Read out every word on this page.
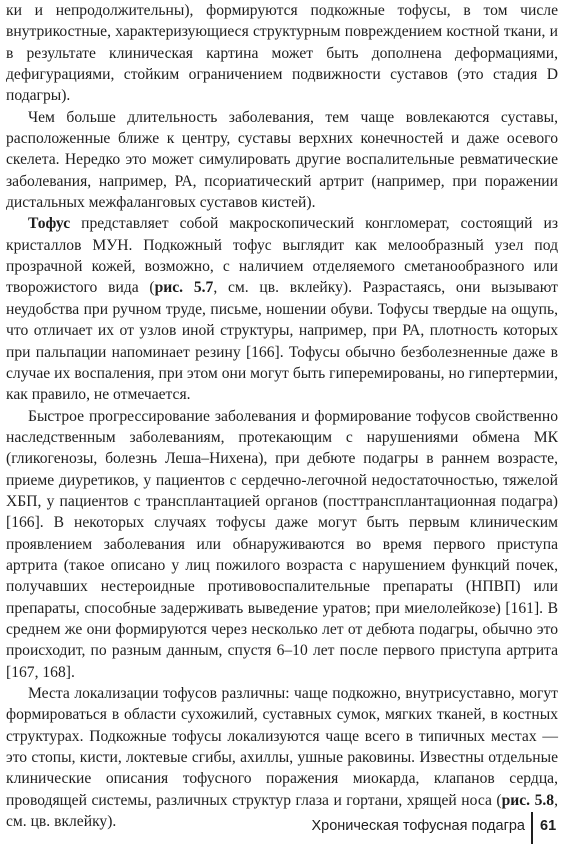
ки и непродолжительны), формируются подкожные тофусы, в том числе внутрикостные, характеризующиеся структурным повреждением костной ткани, и в результате клиническая картина может быть дополнена деформациями, дефигурациями, стойким ограничением подвижности суставов (это стадия D подагры).

Чем больше длительность заболевания, тем чаще вовлекаются суставы, расположенные ближе к центру, суставы верхних конечностей и даже осевого скелета. Нередко это может симулировать другие воспалительные ревматические заболевания, например, РА, псориатический артрит (например, при поражении дистальных межфаланговых суставов кистей).

Тофус представляет собой макроскопический конгломерат, состоящий из кристаллов МУН. Подкожный тофус выглядит как мелообразный узел под прозрачной кожей, возможно, с наличием отделяемого сметанообразного или творожистого вида (рис. 5.7, см. цв. вклейку). Разрастаясь, они вызывают неудобства при ручном труде, письме, ношении обуви. Тофусы твердые на ощупь, что отличает их от узлов иной структуры, например, при РА, плотность которых при пальпации напоминает резину [166]. Тофусы обычно безболезненные даже в случае их воспаления, при этом они могут быть гиперемированы, но гипертермии, как правило, не отмечается.

Быстрое прогрессирование заболевания и формирование тофусов свойственно наследственным заболеваниям, протекающим с нарушениями обмена МК (гликогенозы, болезнь Леша–Нихена), при дебюте подагры в раннем возрасте, приеме диуретиков, у пациентов с сердечно-легочной недостаточностью, тяжелой ХБП, у пациентов с трансплантацией органов (посттрансплантационная подагра) [166]. В некоторых случаях тофусы даже могут быть первым клиническим проявлением заболевания или обнаруживаются во время первого приступа артрита (такое описано у лиц пожилого возраста с нарушением функций почек, получавших нестероидные противовоспалительные препараты (НПВП) или препараты, способные задерживать выведение уратов; при миелолейкозе) [161]. В среднем же они формируются через несколько лет от дебюта подагры, обычно это происходит, по разным данным, спустя 6–10 лет после первого приступа артрита [167, 168].

Места локализации тофусов различны: чаще подкожно, внутрисуставно, могут формироваться в области сухожилий, суставных сумок, мягких тканей, в костных структурах. Подкожные тофусы локализуются чаще всего в типичных местах — это стопы, кисти, локтевые сгибы, ахиллы, ушные раковины. Известны отдельные клинические описания тофусного поражения миокарда, клапанов сердца, проводящей системы, различных структур глаза и гортани, хрящей носа (рис. 5.8, см. цв. вклейку).	Хроническая тофусная подагра 61
